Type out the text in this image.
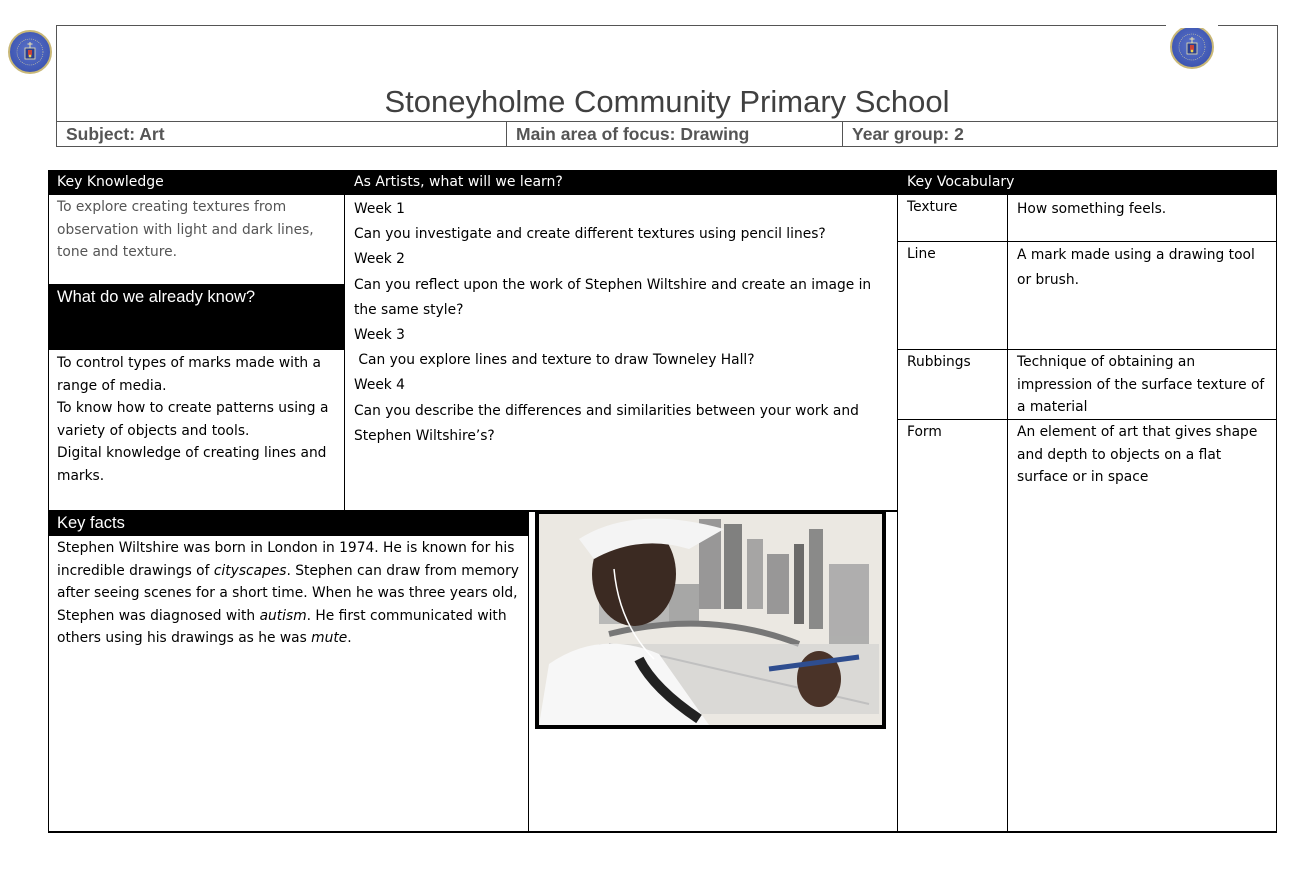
Stoneyholme Community Primary School
Subject: Art	Main area of focus: Drawing	Year group: 2
Key Knowledge	As Artists, what will we learn?	Key Vocabulary
To explore creating textures from observation with light and dark lines, tone and texture.
What do we already know?
To control types of marks made with a range of media.
To know how to create patterns using a variety of objects and tools.
Digital knowledge of creating lines and marks.
Week 1
Can you investigate and create different textures using pencil lines?
Week 2
Can you reflect upon the work of Stephen Wiltshire and create an image in the same style?
Week 3
Can you explore lines and texture to draw Towneley Hall?
Week 4
Can you describe the differences and similarities between your work and Stephen Wiltshire’s?
Texture	How something feels.
Line	A mark made using a drawing tool or brush.
Rubbings	Technique of obtaining an impression of the surface texture of a material
Form	An element of art that gives shape and depth to objects on a flat surface or in space
Key facts
Stephen Wiltshire was born in London in 1974. He is known for his incredible drawings of cityscapes. Stephen can draw from memory after seeing scenes for a short time. When he was three years old, Stephen was diagnosed with autism. He first communicated with others using his drawings as he was mute.
